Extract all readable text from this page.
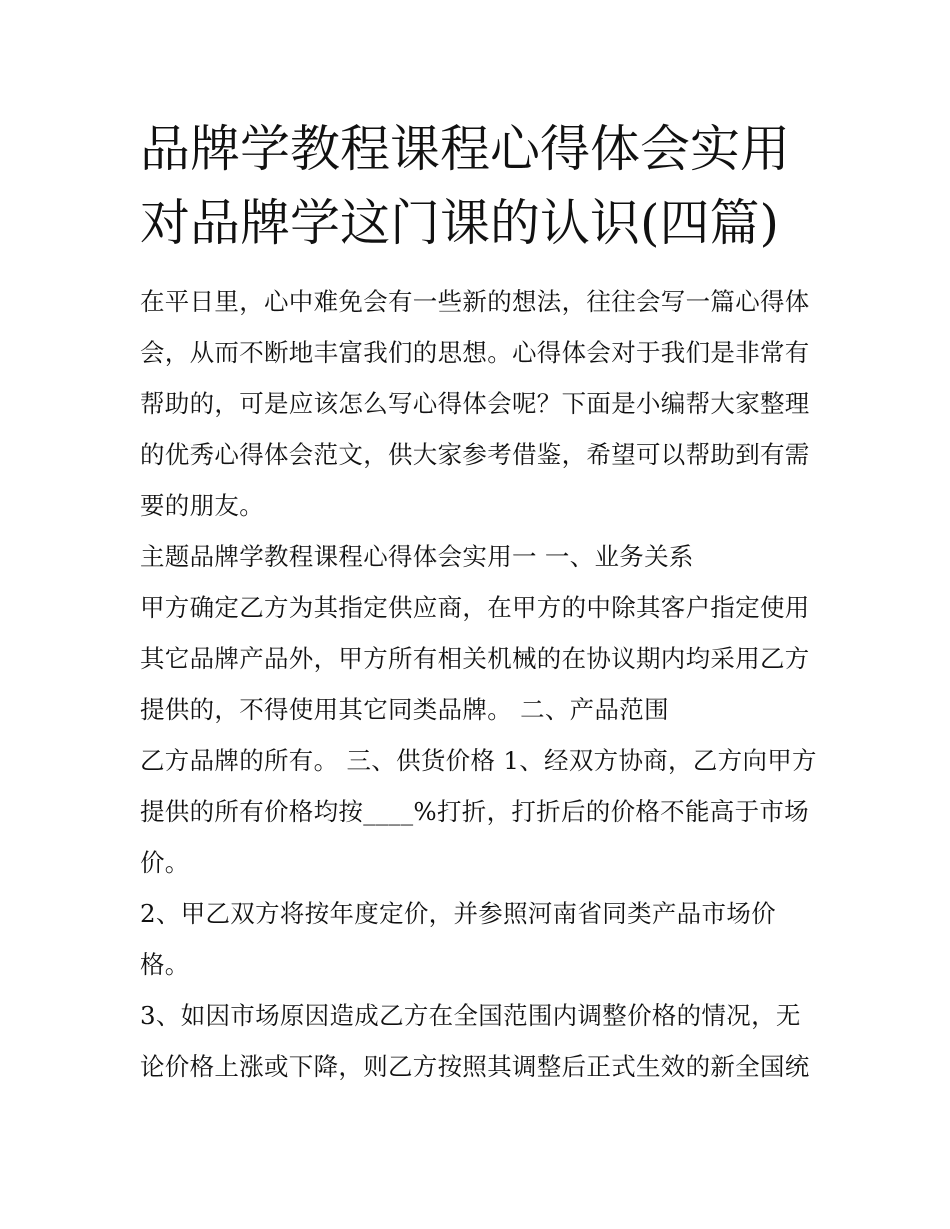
品牌学教程课程心得体会实用
对品牌学这门课的认识(四篇)

在平日里，心中难免会有一些新的想法，往往会写一篇心得体会，从而不断地丰富我们的思想。心得体会对于我们是非常有帮助的，可是应该怎么写心得体会呢？下面是小编帮大家整理的优秀心得体会范文，供大家参考借鉴，希望可以帮助到有需要的朋友。

主题品牌学教程课程心得体会实用一 一、业务关系

甲方确定乙方为其指定供应商，在甲方的中除其客户指定使用其它品牌产品外，甲方所有相关机械的在协议期内均采用乙方提供的，不得使用其它同类品牌。 二、产品范围

乙方品牌的所有。 三、供货价格 1、经双方协商，乙方向甲方提供的所有价格均按____%打折，打折后的价格不能高于市场价。

2、甲乙双方将按年度定价，并参照河南省同类产品市场价格。

3、如因市场原因造成乙方在全国范围内调整价格的情况，无论价格上涨或下降，则乙方按照其调整后正式生效的新全国统
